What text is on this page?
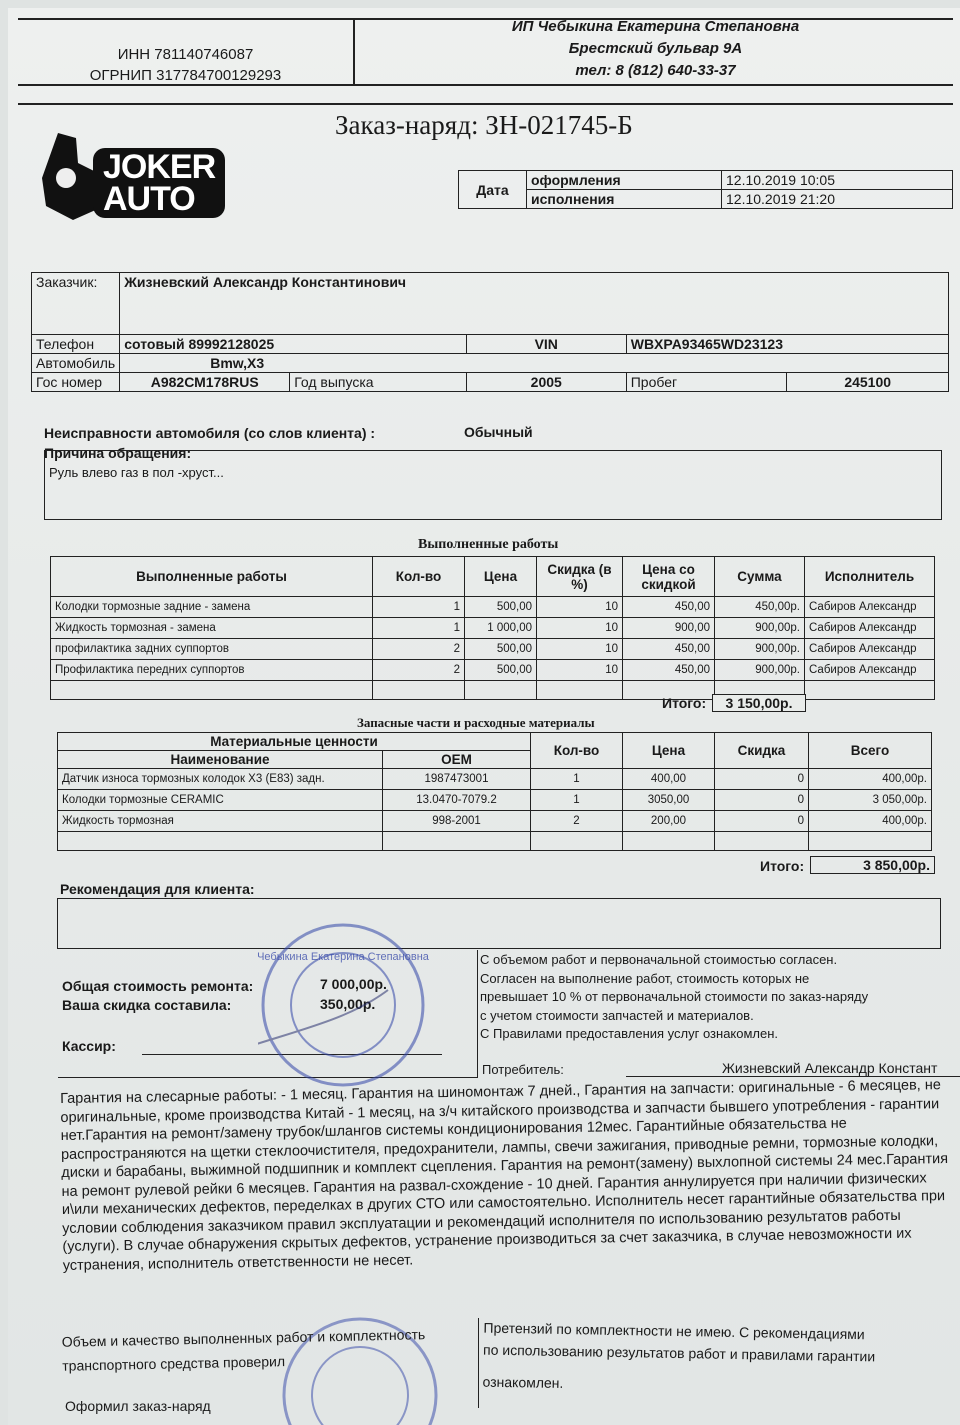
ИНН 781140746087
ОГРНИП 317784700129293
ИП Чебыкина Екатерина Степановна
Брестский бульвар 9А
тел: 8 (812) 640-33-37
Заказ-наряд: ЗН-021745-Б
JOKER
AUTO	Дата	оформления	12.10.2019 10:05
	исполнения	12.10.2019 21:20
Заказчик:	Жизневский Александр Константинович				
Телефон	сотовый 89992128025		VIN	WBXPA93465WD23123	
Автомобиль	Bmw,X3				
Гос номер	А982СМ178RUS	Год выпуска	2005	Пробег	245100
Неисправности автомобиля (со слов клиента) :	Обычный
Причина обращения:
Руль влево газ в пол -хруст...
Выполненные работы
Выполненные работы	Кол-во	Цена	Скидка (в %)	Цена со скидкой	Сумма	Исполнитель
Колодки тормозные задние - замена	1	500,00	10	450,00	450,00р.	Сабиров Александр
Жидкость тормозная - замена	1	1 000,00	10	900,00	900,00р.	Сабиров Александр
профилактика задних суппортов	2	500,00	10	450,00	900,00р.	Сабиров Александр
Профилактика передних суппортов	2	500,00	10	450,00	900,00р.	Сабиров Александр

Итого:	3 150,00р.
Запасные части и расходные материалы
Материальные ценности		Кол-во	Цена	Скидка	Всего
Наименование	OEM				
Датчик износа тормозных колодок X3 (E83) задн.	1987473001	1	400,00	0	400,00р.
Колодки тормозные CERAMIC	13.0470-7079.2	1	3050,00	0	3 050,00р.
Жидкость тормозная	998-2001	2	200,00	0	400,00р.

Итого:	3 850,00р.
Рекомендация для клиента:
Общая стоимость ремонта:	7 000,00р.
Ваша скидка составила:	350,00р.
Кассир:
С объемом работ и первоначальной стоимостью согласен.
Согласен на выполнение работ, стоимость которых не
превышает 10 % от первоначальной стоимости по заказ-наряду
с учетом стоимости запчастей и материалов.
С Правилами предоставления услуг ознакомлен.
Потребитель:	Жизневский Александр Констант
Чебыкина Екатерина Степановна
Гарантия на слесарные работы: - 1 месяц. Гарантия на шиномонтаж 7 дней., Гарантия на запчасти: оригинальные - 6 месяцев, не оригинальные, кроме производства Китай - 1 месяц, на з/ч китайского производства и запчасти бывшего употребления - гарантии нет.Гарантия на ремонт/замену трубок/шлангов системы кондиционирования 12мес. Гарантийные обязательства не распространяются на щетки стеклоочистителя, предохранители, лампы, свечи зажигания, приводные ремни, тормозные колодки, диски и барабаны, выжимной подшипник и комплект сцепления. Гарантия на ремонт(замену) выхлопной системы 24 мес.Гарантия на ремонт рулевой рейки 6 месяцев. Гарантия на развал-схождение - 10 дней. Гарантия аннулируется при наличии физических и\или механических дефектов, переделках в других СТО или самостоятельно. Исполнитель несет гарантийные обязательства при условии соблюдения заказчиком правил эксплуатации и рекомендаций исполнителя по использованию результатов работы (услуги). В случае обнаружения скрытых дефектов, устранение производиться за счет заказчика, в случае невозможности их устранения, исполнитель ответственности не несет.
Объем и качество выполненных работ и комплектность
транспортного средства проверил
Претензий по комплектности не имею. С рекомендациями
по использованию результатов работ и правилами гарантии
ознакомлен.
Оформил заказ-наряд
